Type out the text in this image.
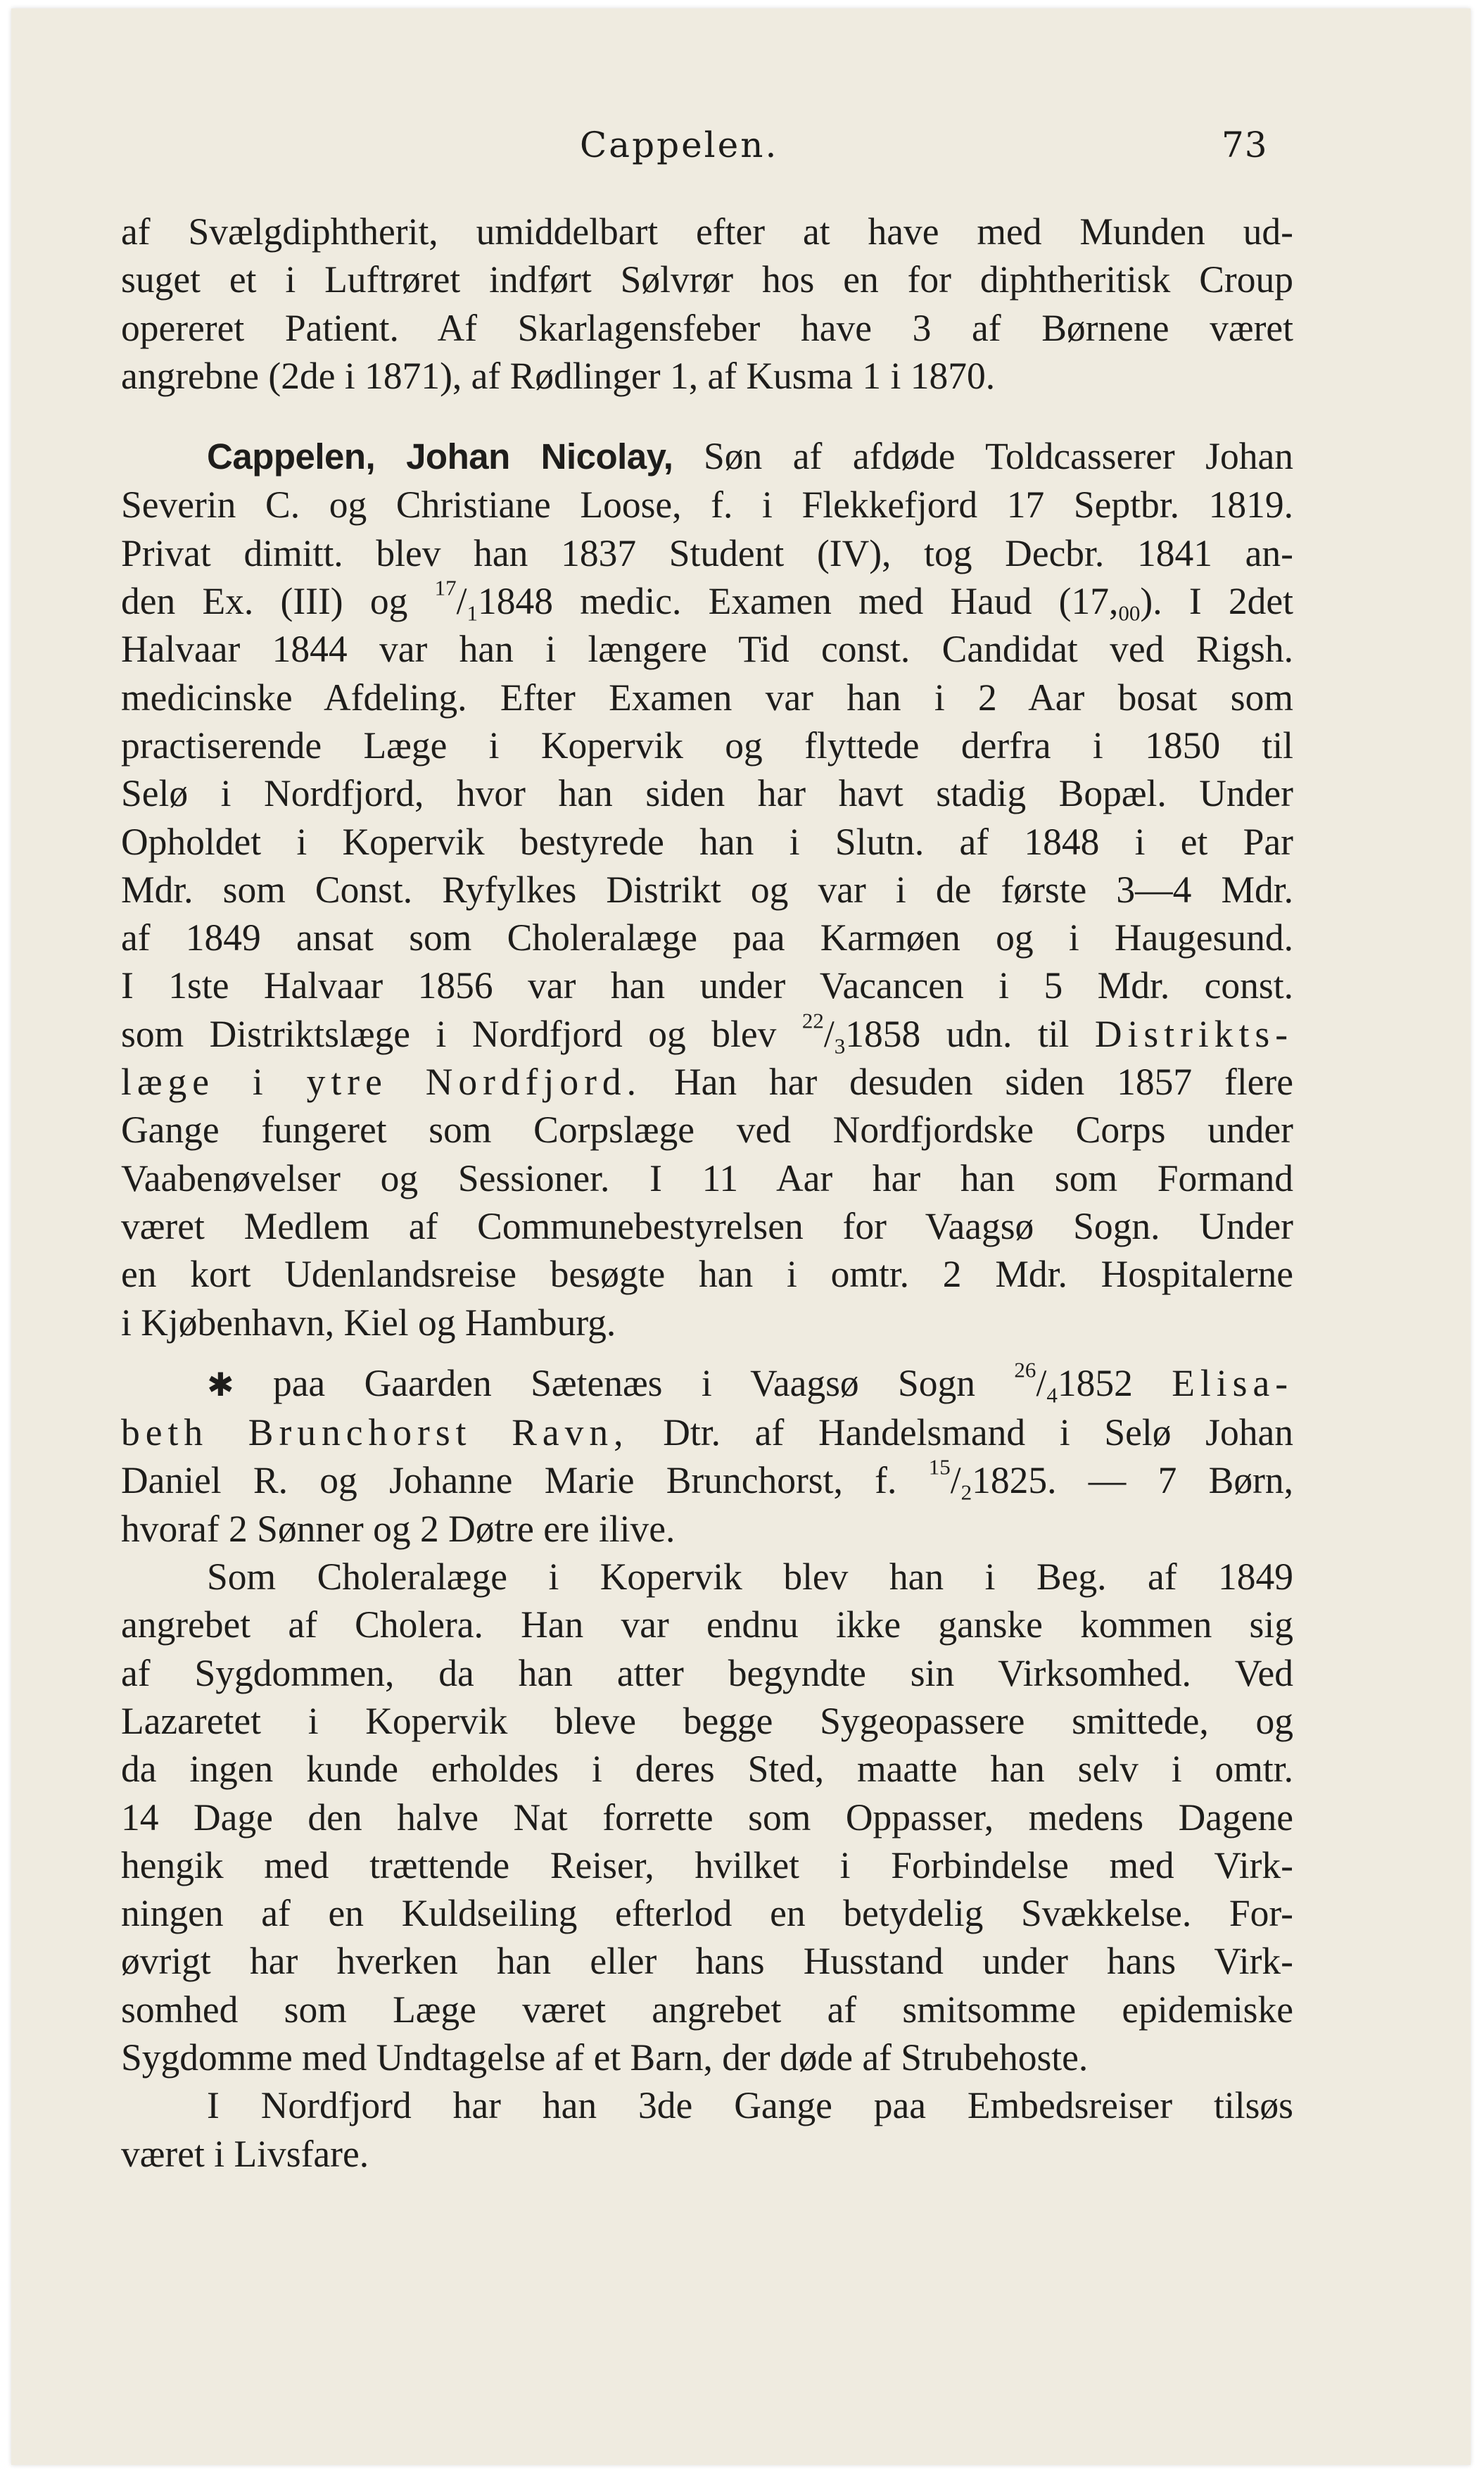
Cappelen.	73
af Svælgdiphtherit, umiddelbart efter at have med Munden ud-
suget et i Luftrøret indført Sølvrør hos en for diphtheritisk Croup
opereret Patient. Af Skarlagensfeber have 3 af Børnene været
angrebne (2de i 1871), af Rødlinger 1, af Kusma 1 i 1870.
Cappelen, Johan Nicolay, Søn af afdøde Toldcasserer Johan
Severin C. og Christiane Loose, f. i Flekkefjord 17 Septbr. 1819.
Privat dimitt. blev han 1837 Student (IV), tog Decbr. 1841 an-
den Ex. (III) og $^{17}/_11848$ medic. Examen med Haud $(17,_{00})$. I 2det
Halvaar 1844 var han i længere Tid const. Candidat ved Rigsh.
medicinske Afdeling. Efter Examen var han i 2 Aar bosat som
practiserende Læge i Kopervik og flyttede derfra i 1850 til
Selø i Nordfjord, hvor han siden har havt stadig Bopæl. Under
Opholdet i Kopervik bestyrede han i Slutn. af 1848 i et Par
Mdr. som Const. Ryfylkes Distrikt og var i de første 3—4 Mdr.
af 1849 ansat som Choleralæge paa Karmøen og i Haugesund.
I 1ste Halvaar 1856 var han under Vacancen i 5 Mdr. const.
som Distriktslæge i Nordfjord og blev $^{22}/_31858$ udn. til Distrikts-
læge i ytre Nordfjord. Han har desuden siden 1857 flere
Gange fungeret som Corpslæge ved Nordfjordske Corps under
Vaabenøvelser og Sessioner. I 11 Aar har han som Formand
været Medlem af Communebestyrelsen for Vaagsø Sogn. Under
en kort Udenlandsreise besøgte han i omtr. 2 Mdr. Hospitalerne
i Kjøbenhavn, Kiel og Hamburg.
✱ paa Gaarden Sætenæs i Vaagsø Sogn $^{26}/_41852$ Elisa-
beth Brunchorst Ravn, Dtr. af Handelsmand i Selø Johan
Daniel R. og Johanne Marie Brunchorst, f. $^{15}/_21825$. — 7 Børn,
hvoraf 2 Sønner og 2 Døtre ere ilive.
Som Choleralæge i Kopervik blev han i Beg. af 1849
angrebet af Cholera. Han var endnu ikke ganske kommen sig
af Sygdommen, da han atter begyndte sin Virksomhed. Ved
Lazaretet i Kopervik bleve begge Sygeopassere smittede, og
da ingen kunde erholdes i deres Sted, maatte han selv i omtr.
14 Dage den halve Nat forrette som Oppasser, medens Dagene
hengik med trættende Reiser, hvilket i Forbindelse med Virk-
ningen af en Kuldseiling efterlod en betydelig Svækkelse. For-
øvrigt har hverken han eller hans Husstand under hans Virk-
somhed som Læge været angrebet af smitsomme epidemiske
Sygdomme med Undtagelse af et Barn, der døde af Strubehoste.
I Nordfjord har han 3de Gange paa Embedsreiser tilsøs
været i Livsfare.
